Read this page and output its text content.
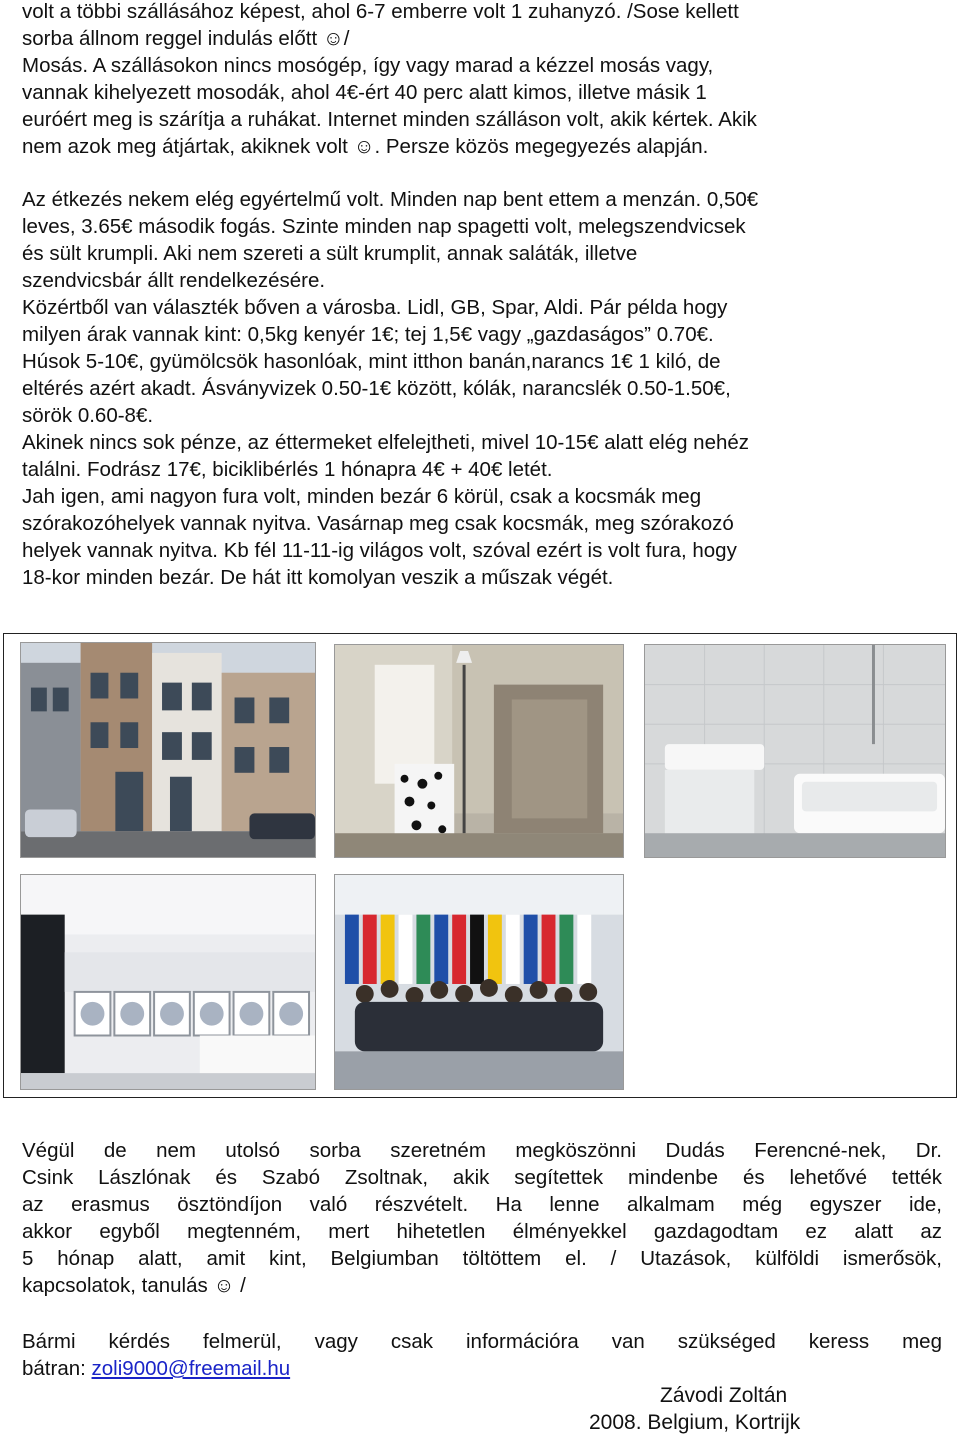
volt a többi szállásához képest, ahol 6-7 emberre volt 1 zuhanyzó. /Sose kellett

sorba állnom reggel indulás előtt ☺/

Mosás. A szállásokon nincs mosógép, így vagy marad a kézzel mosás vagy,

vannak kihelyezett mosodák, ahol 4€-ért 40 perc alatt kimos, illetve másik 1

euróért meg is szárítja a ruhákat. Internet minden szálláson volt, akik kértek. Akik

nem azok meg átjártak, akiknek volt ☺. Persze közös megegyezés alapján.

Az étkezés nekem elég egyértelmű volt. Minden nap bent ettem a menzán. 0,50€

leves, 3.65€ második fogás. Szinte minden nap spagetti volt, melegszendvicsek

és sült krumpli. Aki nem szereti a sült krumplit, annak saláták, illetve

szendvicsbár állt rendelkezésére.

Közértből van választék bőven a városba. Lidl, GB, Spar, Aldi. Pár példa hogy

milyen árak vannak kint: 0,5kg kenyér 1€; tej 1,5€ vagy „gazdaságos” 0.70€.

Húsok 5-10€, gyümölcsök hasonlóak, mint itthon banán,narancs 1€ 1 kiló, de

eltérés azért akadt. Ásványvizek 0.50-1€ között, kólák, narancslék 0.50-1.50€,

sörök 0.60-8€.

Akinek nincs sok pénze, az éttermeket elfelejtheti, mivel 10-15€ alatt elég nehéz

találni. Fodrász 17€, biciklibérlés 1 hónapra 4€ + 40€ letét.

Jah igen, ami nagyon fura volt, minden bezár 6 körül, csak a kocsmák meg

szórakozóhelyek vannak nyitva. Vasárnap meg csak kocsmák, meg szórakozó

helyek vannak nyitva. Kb fél 11-11-ig világos volt, szóval ezért is volt fura, hogy

18-kor minden bezár. De hát itt komolyan veszik a műszak végét.

Végül de nem utolsó sorba szeretném megköszönni Dudás Ferencné-nek, Dr.

Csink Lászlónak és Szabó Zsoltnak, akik segítettek mindenbe és lehetővé tették

az erasmus ösztöndíjon való részvételt. Ha lenne alkalmam még egyszer ide,

akkor egyből megtenném, mert hihetetlen élményekkel gazdagodtam ez alatt az

5 hónap alatt, amit kint, Belgiumban töltöttem el. / Utazások, külföldi ismerősök,

kapcsolatok, tanulás ☺ /

Bármi kérdés felmerül, vagy csak információra van szükséged keress meg

bátran: zoli9000@freemail.hu

Závodi Zoltán
2008. Belgium, Kortrijk
